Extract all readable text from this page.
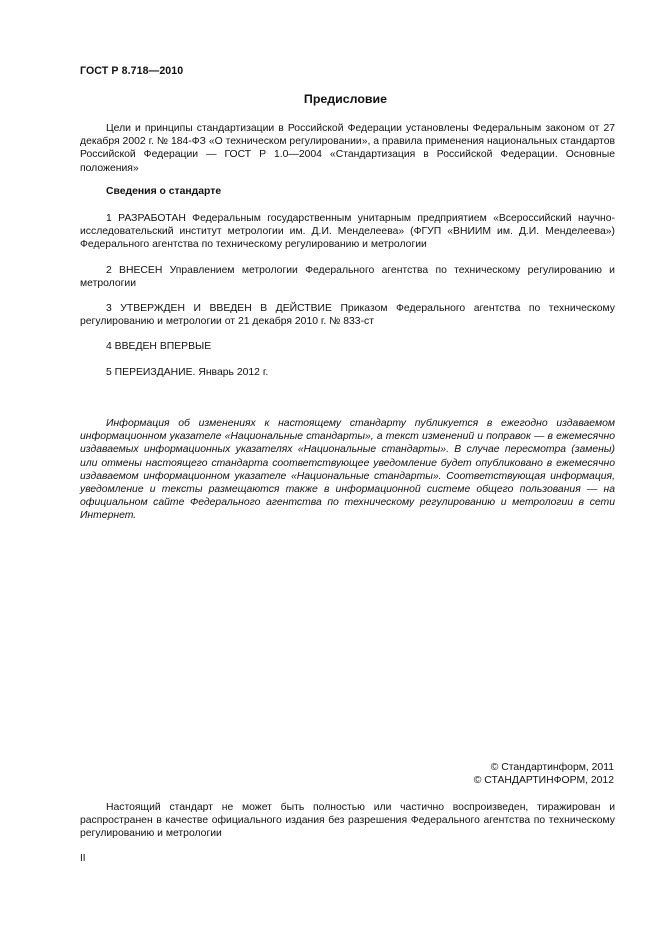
ГОСТ Р 8.718—2010
Предисловие

Цели и принципы стандартизации в Российской Федерации установлены Федеральным законом от 27 декабря 2002 г. № 184-ФЗ «О техническом регулировании», а правила применения национальных стандартов Российской Федерации — ГОСТ Р 1.0—2004 «Стандартизация в Российской Федерации. Основные положения»

Сведения о стандарте

1 РАЗРАБОТАН Федеральным государственным унитарным предприятием «Всероссийский научно-исследовательский институт метрологии им. Д.И. Менделеева» (ФГУП «ВНИИМ им. Д.И. Менделеева») Федерального агентства по техническому регулированию и метрологии

2 ВНЕСЕН Управлением метрологии Федерального агентства по техническому регулированию и метрологии

3 УТВЕРЖДЕН И ВВЕДЕН В ДЕЙСТВИЕ Приказом Федерального агентства по техническому регулированию и метрологии от 21 декабря 2010 г. № 833-ст

4 ВВЕДЕН ВПЕРВЫЕ

5 ПЕРЕИЗДАНИЕ. Январь 2012 г.

Информация об изменениях к настоящему стандарту публикуется в ежегодно издаваемом информационном указателе «Национальные стандарты», а текст изменений и поправок — в ежемесячно издаваемых информационных указателях «Национальные стандарты». В случае пересмотра (замены) или отмены настоящего стандарта соответствующее уведомление будет опубликовано в ежемесячно издаваемом информационном указателе «Национальные стандарты». Соответствующая информация, уведомление и тексты размещаются также в информационной системе общего пользования — на официальном сайте Федерального агентства по техническому регулированию и метрологии в сети Интернет.

© Стандартинформ, 2011
© СТАНДАРТИНФОРМ, 2012

Настоящий стандарт не может быть полностью или частично воспроизведен, тиражирован и распространен в качестве официального издания без разрешения Федерального агентства по техническому регулированию и метрологии

II
